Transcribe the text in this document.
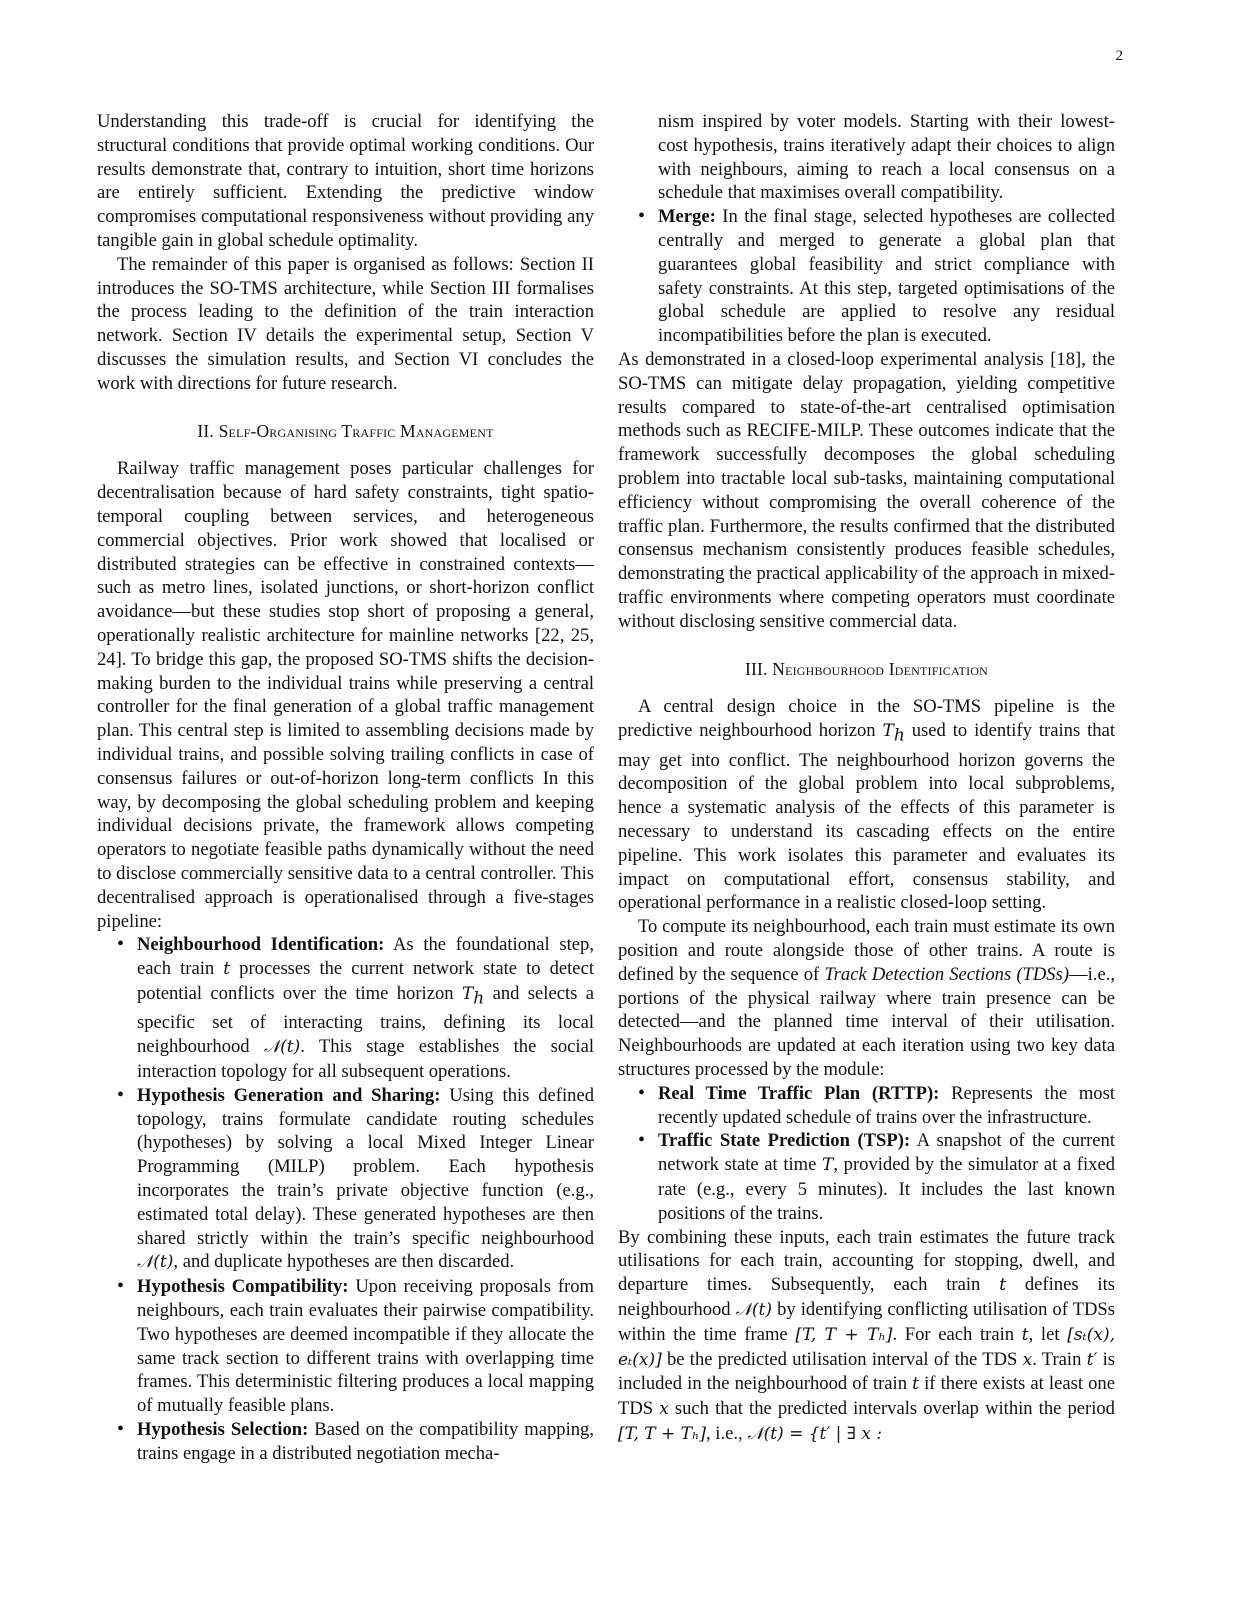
2

Understanding this trade-off is crucial for identifying the structural conditions that provide optimal working conditions. Our results demonstrate that, contrary to intuition, short time horizons are entirely sufficient. Extending the predictive window compromises computational responsiveness without providing any tangible gain in global schedule optimality.

The remainder of this paper is organised as follows: Section II introduces the SO-TMS architecture, while Section III formalises the process leading to the definition of the train interaction network. Section IV details the experimental setup, Section V discusses the simulation results, and Section VI concludes the work with directions for future research.

II. Self-Organising Traffic Management

Railway traffic management poses particular challenges for decentralisation because of hard safety constraints, tight spatio-temporal coupling between services, and heterogeneous commercial objectives. Prior work showed that localised or distributed strategies can be effective in constrained contexts—such as metro lines, isolated junctions, or short-horizon conflict avoidance—but these studies stop short of proposing a general, operationally realistic architecture for mainline networks [22, 25, 24]. To bridge this gap, the proposed SO-TMS shifts the decision-making burden to the individual trains while preserving a central controller for the final generation of a global traffic management plan. This central step is limited to assembling decisions made by individual trains, and possible solving trailing conflicts in case of consensus failures or out-of-horizon long-term conflicts In this way, by decomposing the global scheduling problem and keeping individual decisions private, the framework allows competing operators to negotiate feasible paths dynamically without the need to disclose commercially sensitive data to a central controller. This decentralised approach is operationalised through a five-stages pipeline:

• Neighbourhood Identification: As the foundational step, each train t processes the current network state to detect potential conflicts over the time horizon $T_h$ and selects a specific set of interacting trains, defining its local neighbourhood 𝒩(t). This stage establishes the social interaction topology for all subsequent operations.
• Hypothesis Generation and Sharing: Using this defined topology, trains formulate candidate routing schedules (hypotheses) by solving a local Mixed Integer Linear Programming (MILP) problem. Each hypothesis incorporates the train’s private objective function (e.g., estimated total delay). These generated hypotheses are then shared strictly within the train’s specific neighbourhood 𝒩(t), and duplicate hypotheses are then discarded.
• Hypothesis Compatibility: Upon receiving proposals from neighbours, each train evaluates their pairwise compatibility. Two hypotheses are deemed incompatible if they allocate the same track section to different trains with overlapping time frames. This deterministic filtering produces a local mapping of mutually feasible plans.
• Hypothesis Selection: Based on the compatibility mapping, trains engage in a distributed negotiation mecha-
nism inspired by voter models. Starting with their lowest-cost hypothesis, trains iteratively adapt their choices to align with neighbours, aiming to reach a local consensus on a schedule that maximises overall compatibility.
• Merge: In the final stage, selected hypotheses are collected centrally and merged to generate a global plan that guarantees global feasibility and strict compliance with safety constraints. At this step, targeted optimisations of the global schedule are applied to resolve any residual incompatibilities before the plan is executed.

As demonstrated in a closed-loop experimental analysis [18], the SO-TMS can mitigate delay propagation, yielding competitive results compared to state-of-the-art centralised optimisation methods such as RECIFE-MILP. These outcomes indicate that the framework successfully decomposes the global scheduling problem into tractable local sub-tasks, maintaining computational efficiency without compromising the overall coherence of the traffic plan. Furthermore, the results confirmed that the distributed consensus mechanism consistently produces feasible schedules, demonstrating the practical applicability of the approach in mixed-traffic environments where competing operators must coordinate without disclosing sensitive commercial data.

III. Neighbourhood Identification

A central design choice in the SO-TMS pipeline is the predictive neighbourhood horizon $T_h$ used to identify trains that may get into conflict. The neighbourhood horizon governs the decomposition of the global problem into local subproblems, hence a systematic analysis of the effects of this parameter is necessary to understand its cascading effects on the entire pipeline. This work isolates this parameter and evaluates its impact on computational effort, consensus stability, and operational performance in a realistic closed-loop setting.

To compute its neighbourhood, each train must estimate its own position and route alongside those of other trains. A route is defined by the sequence of Track Detection Sections (TDSs)—i.e., portions of the physical railway where train presence can be detected—and the planned time interval of their utilisation. Neighbourhoods are updated at each iteration using two key data structures processed by the module:

• Real Time Traffic Plan (RTTP): Represents the most recently updated schedule of trains over the infrastructure.
• Traffic State Prediction (TSP): A snapshot of the current network state at time T, provided by the simulator at a fixed rate (e.g., every 5 minutes). It includes the last known positions of the trains.

By combining these inputs, each train estimates the future track utilisations for each train, accounting for stopping, dwell, and departure times. Subsequently, each train t defines its neighbourhood 𝒩(t) by identifying conflicting utilisation of TDSs within the time frame [T, T + Tₕ]. For each train t, let [sₜ(x), eₜ(x)] be the predicted utilisation interval of the TDS x. Train t′ is included in the neighbourhood of train t if there exists at least one TDS x such that the predicted intervals overlap within the period [T, T + Tₕ], i.e., 𝒩(t) = {t′ | ∃ x :
